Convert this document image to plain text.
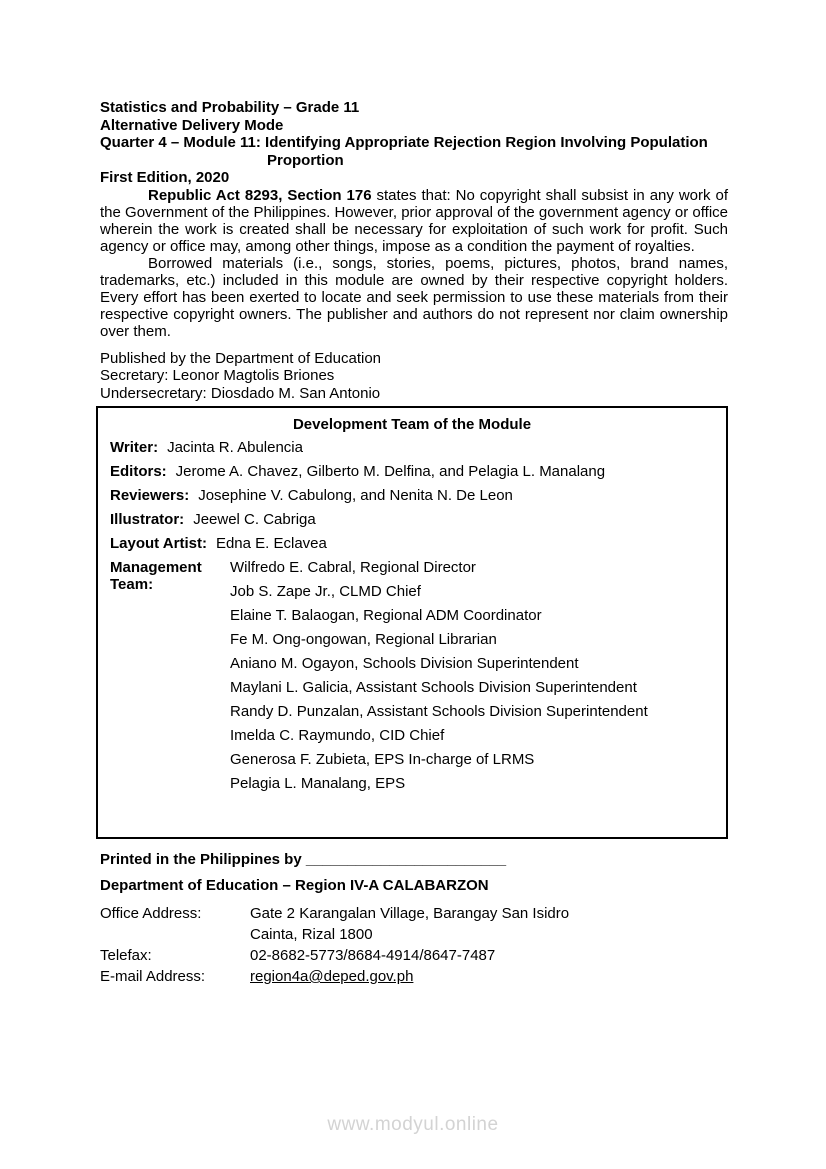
Statistics and Probability – Grade 11
Alternative Delivery Mode
Quarter 4 – Module 11: Identifying Appropriate Rejection Region Involving Population
Proportion
First Edition, 2020

Republic Act 8293, Section 176 states that: No copyright shall subsist in any work of the Government of the Philippines. However, prior approval of the government agency or office wherein the work is created shall be necessary for exploitation of such work for profit. Such agency or office may, among other things, impose as a condition the payment of royalties.

Borrowed materials (i.e., songs, stories, poems, pictures, photos, brand names, trademarks, etc.) included in this module are owned by their respective copyright holders. Every effort has been exerted to locate and seek permission to use these materials from their respective copyright owners. The publisher and authors do not represent nor claim ownership over them.

Published by the Department of Education
Secretary: Leonor Magtolis Briones
Undersecretary: Diosdado M. San Antonio
Development Team of the Module
Writer: Jacinta R. Abulencia
Editors: Jerome A. Chavez, Gilberto M. Delfina, and Pelagia L. Manalang
Reviewers: Josephine V. Cabulong, and Nenita N. De Leon
Illustrator: Jeewel C. Cabriga
Layout Artist: Edna E. Eclavea
Management Team:
Wilfredo E. Cabral, Regional Director
Job S. Zape Jr., CLMD Chief
Elaine T. Balaogan, Regional ADM Coordinator
Fe M. Ong-ongowan, Regional Librarian
Aniano M. Ogayon, Schools Division Superintendent
Maylani L. Galicia, Assistant Schools Division Superintendent
Randy D. Punzalan, Assistant Schools Division Superintendent
Imelda C. Raymundo, CID Chief
Generosa F. Zubieta, EPS In-charge of LRMS
Pelagia L. Manalang, EPS
Printed in the Philippines by ________________________
Department of Education – Region IV-A CALABARZON
Office Address:	Gate 2 Karangalan Village, Barangay San Isidro
Cainta, Rizal 1800
Telefax:	02-8682-5773/8684-4914/8647-7487
E-mail Address:	region4a@deped.gov.ph
www.modyul.online
